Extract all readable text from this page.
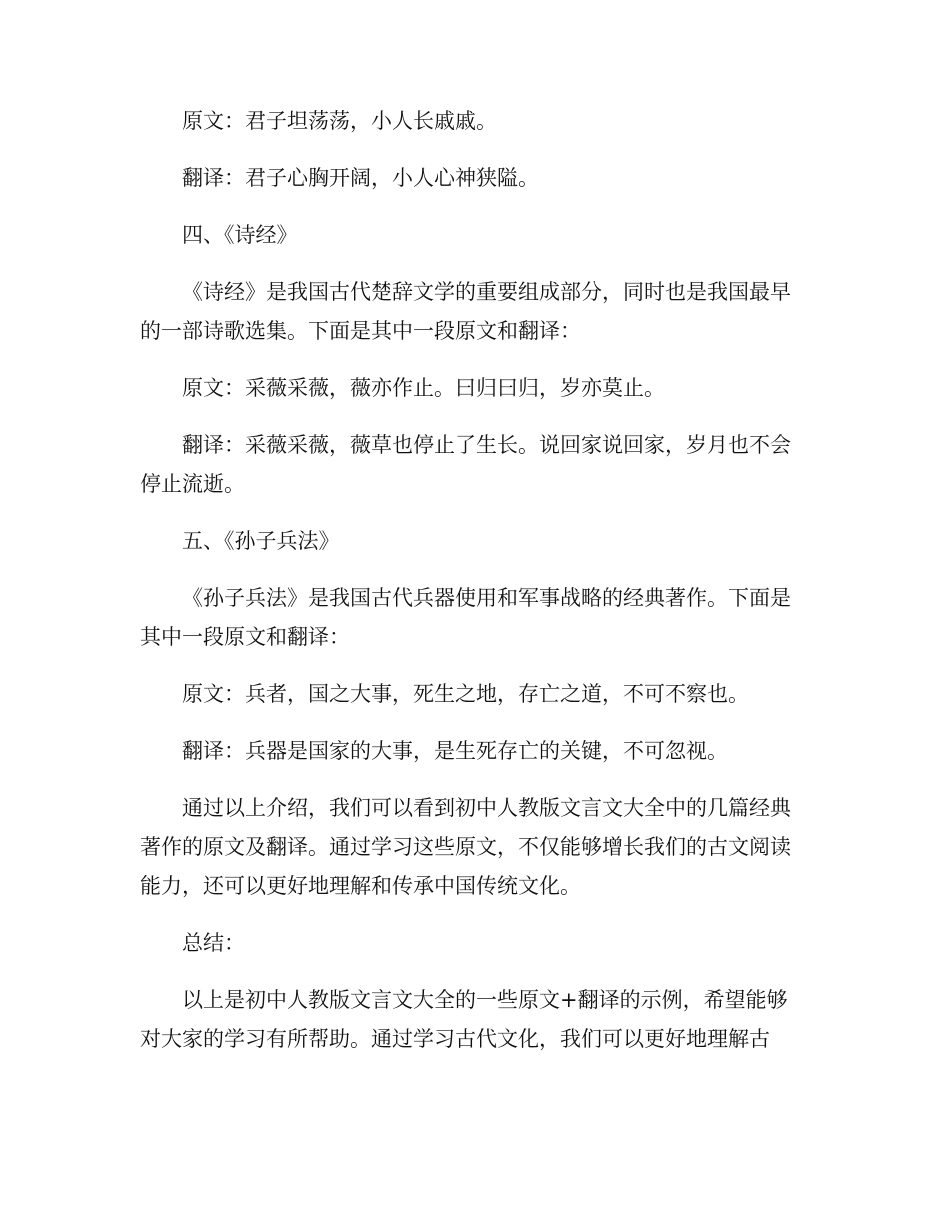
原文：君子坦荡荡，小人长戚戚。

翻译：君子心胸开阔，小人心神狭隘。

四、《诗经》

《诗经》是我国古代楚辞文学的重要组成部分，同时也是我国最早的一部诗歌选集。下面是其中一段原文和翻译：

原文：采薇采薇，薇亦作止。曰归曰归，岁亦莫止。

翻译：采薇采薇，薇草也停止了生长。说回家说回家，岁月也不会停止流逝。

五、《孙子兵法》

《孙子兵法》是我国古代兵器使用和军事战略的经典著作。下面是其中一段原文和翻译：

原文：兵者，国之大事，死生之地，存亡之道，不可不察也。

翻译：兵器是国家的大事，是生死存亡的关键，不可忽视。

通过以上介绍，我们可以看到初中人教版文言文大全中的几篇经典著作的原文及翻译。通过学习这些原文，不仅能够增长我们的古文阅读能力，还可以更好地理解和传承中国传统文化。

总结：

以上是初中人教版文言文大全的一些原文+翻译的示例，希望能够对大家的学习有所帮助。通过学习古代文化，我们可以更好地理解古
